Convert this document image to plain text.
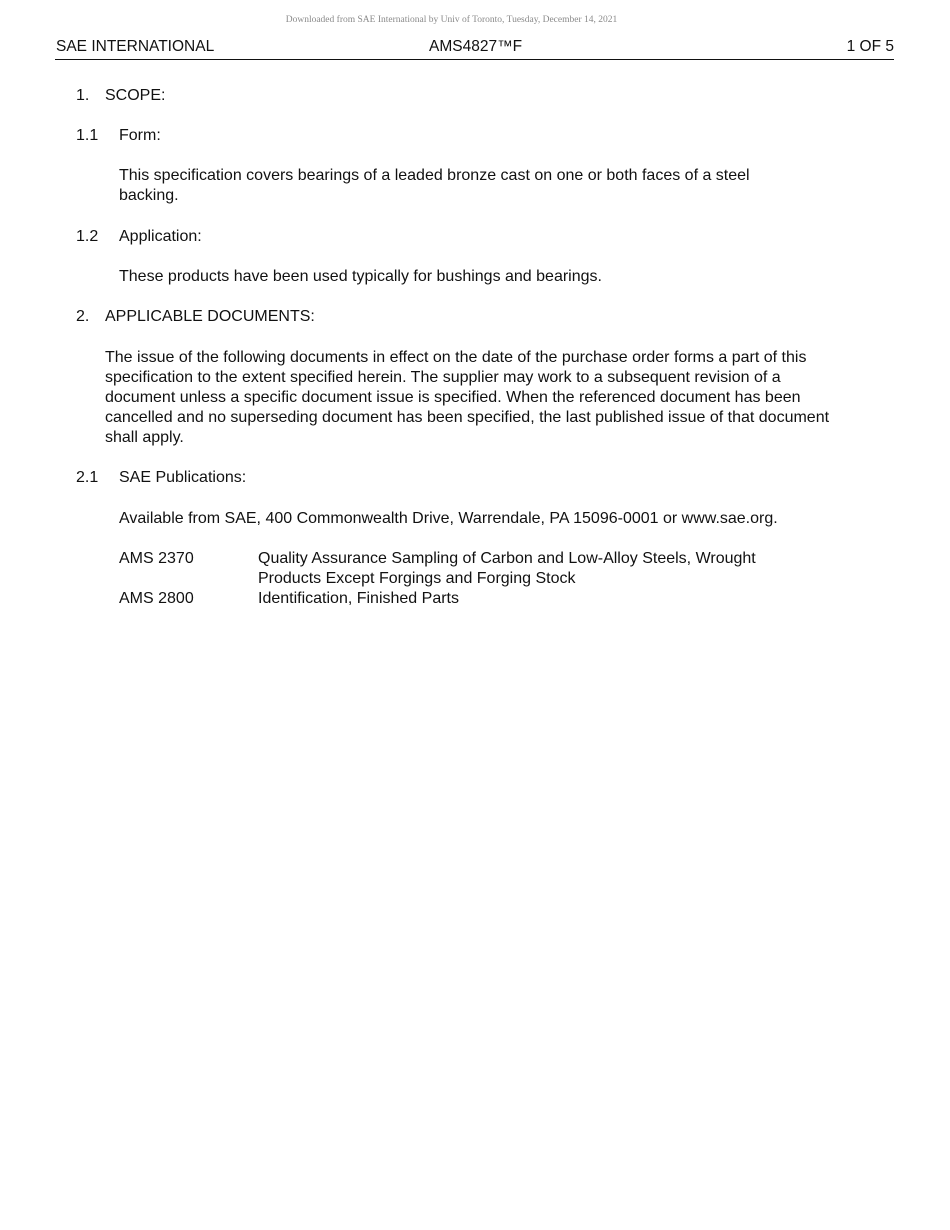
Downloaded from SAE International by Univ of Toronto, Tuesday, December 14, 2021
SAE INTERNATIONAL	AMS4827™F	1 OF 5
1. SCOPE:
1.1 Form:
This specification covers bearings of a leaded bronze cast on one or both faces of a steel backing.
1.2 Application:
These products have been used typically for bushings and bearings.
2. APPLICABLE DOCUMENTS:
The issue of the following documents in effect on the date of the purchase order forms a part of this specification to the extent specified herein. The supplier may work to a subsequent revision of a document unless a specific document issue is specified. When the referenced document has been cancelled and no superseding document has been specified, the last published issue of that document shall apply.
2.1 SAE Publications:
Available from SAE, 400 Commonwealth Drive, Warrendale, PA 15096-0001 or www.sae.org.
AMS 2370	Quality Assurance Sampling of Carbon and Low-Alloy Steels, Wrought Products Except Forgings and Forging Stock
AMS 2800	Identification, Finished Parts
